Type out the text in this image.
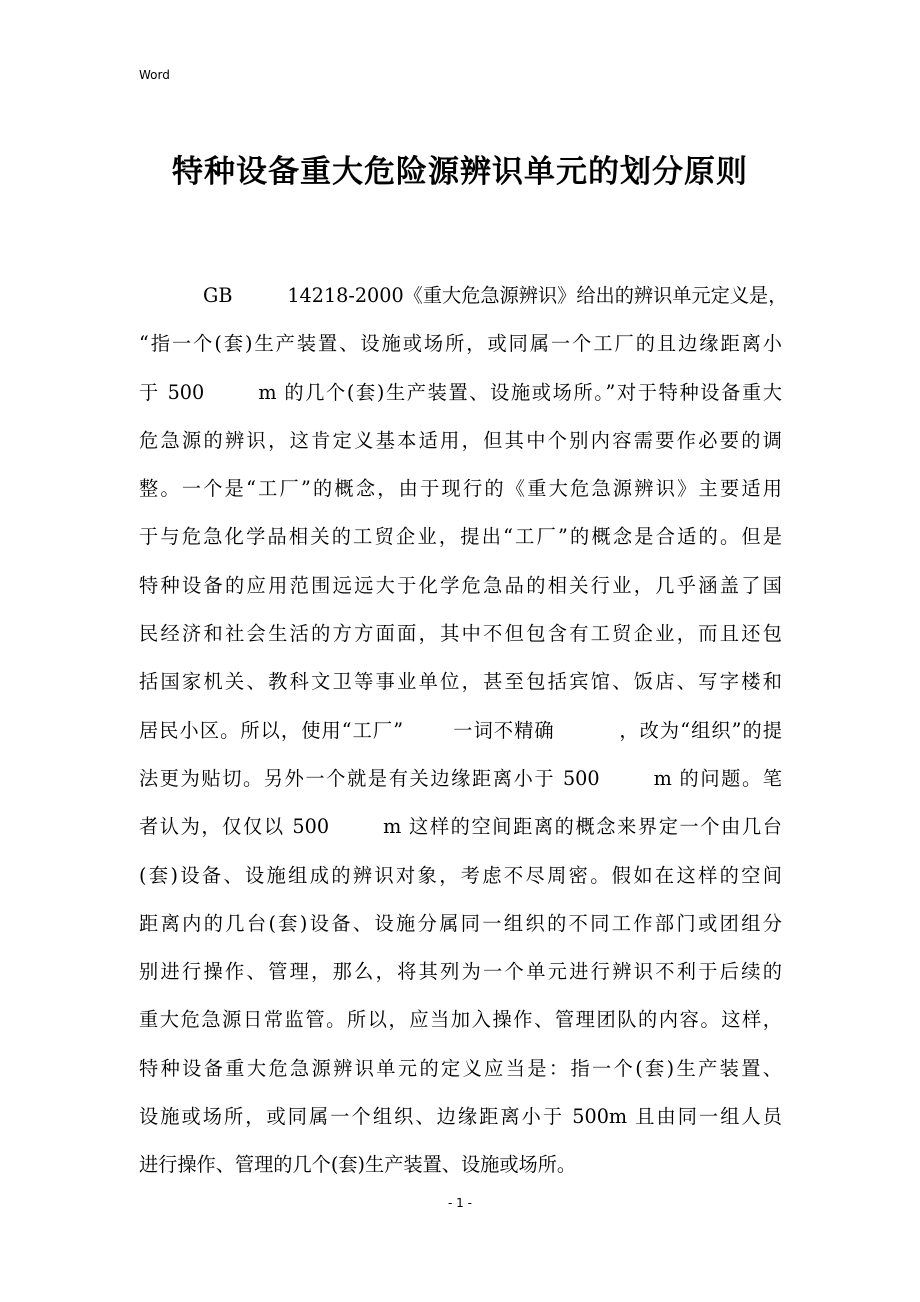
Word
特种设备重大危险源辨识单元的划分原则
GB         14218-2000《重大危急源辨识》给出的辨识单元定义是，
“指一个(套)生产装置、设施或场所，或同属一个工厂的且边缘距离小
于 500       m 的几个(套)生产装置、设施或场所。”对于特种设备重大
危急源的辨识，这肯定义基本适用，但其中个别内容需要作必要的调
整。一个是“工厂”的概念，由于现行的《重大危急源辨识》主要适用
于与危急化学品相关的工贸企业，提出“工厂”的概念是合适的。但是
特种设备的应用范围远远大于化学危急品的相关行业，几乎涵盖了国
民经济和社会生活的方方面面，其中不但包含有工贸企业，而且还包
括国家机关、教科文卫等事业单位，甚至包括宾馆、饭店、写字楼和
居民小区。所以，使用“工厂”       一词不精确         ，改为“组织”的提
法更为贴切。另外一个就是有关边缘距离小于 500       m 的问题。笔
者认为，仅仅以 500       m 这样的空间距离的概念来界定一个由几台
(套)设备、设施组成的辨识对象，考虑不尽周密。假如在这样的空间
距离内的几台(套)设备、设施分属同一组织的不同工作部门或团组分
别进行操作、管理，那么，将其列为一个单元进行辨识不利于后续的
重大危急源日常监管。所以，应当加入操作、管理团队的内容。这样，
特种设备重大危急源辨识单元的定义应当是：指一个(套)生产装置、
设施或场所，或同属一个组织、边缘距离小于 500m 且由同一组人员
进行操作、管理的几个(套)生产装置、设施或场所。
- 1 -
